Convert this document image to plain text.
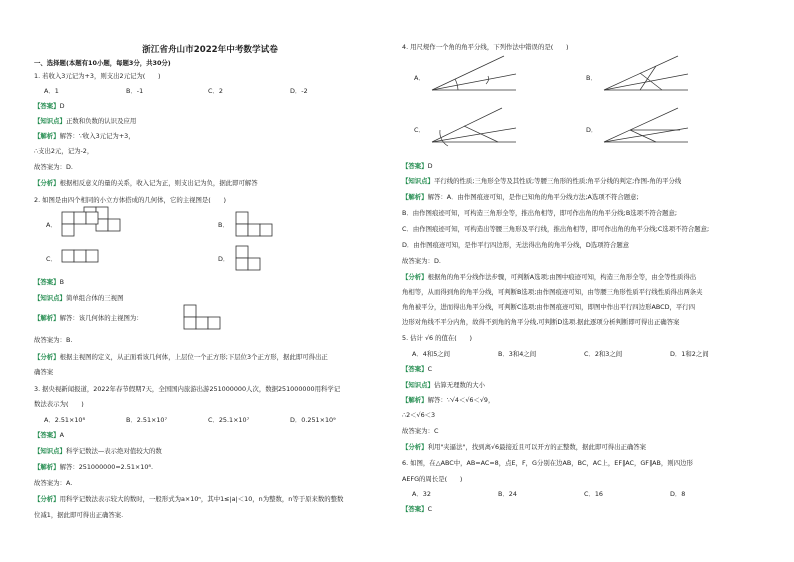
浙江省舟山市2022年中考数学试卷
一、选择题(本题有10小题，每题3分，共30分)
1. 若收入3元记为+3，则支出2元记为(　　)
A．1	B．-1	C．2	D．-2
【答案】D
【知识点】正数和负数的认识及应用
【解析】解答：∵收入3元记为+3，
∴支出2元，记为-2，
故答案为：D.
【分析】根据相反意义的量的关系，收入记为正，则支出记为负，据此即可解答
2. 如图是由四个相同的小立方体搭成的几何体，它的主视图是(　　)
A．	B．
C．	D．
【答案】B
【知识点】简单组合体的三视图
【解析】解答：该几何体的主视图为：
故答案为：B.
【分析】根据主视图的定义，从正面看该几何体，上层位一个正方形;下层位3个正方形，据此即可得出正
确答案
3. 据央视新闻报道，2022年春节假期7天，全国国内旅游出游251000000人次，数据251000000用科学记
数法表示为(　　)
A．2.51×10⁸	B．2.51×10⁷	C．25.1×10⁷	D．0.251×10⁹
【答案】A
【知识点】科学记数法—表示绝对值较大的数
【解析】解答：251000000=2.51×10⁸.
故答案为：A.
【分析】用科学记数法表示较大的数时，一般形式为a×10ⁿ，其中1≤|a|＜10，n为整数，n等于原来数的整数
位减1，据此即可得出正确答案.
4. 用尺规作一个角的角平分线，下列作法中错误的是(　　)
A．	B．
C．	D．
【答案】D
【知识点】平行线的性质;三角形全等及其性质;等腰三角形的性质;角平分线的判定;作图-角的平分线
【解析】解答：A．由作图痕迹可知，是作已知角的角平分线方法;A选项不符合题意;
B．由作图痕迹可知，可构造三角形全等，推出角相等，即可作出角的角平分线;B选项不符合题意;
C．由作图痕迹可知，可构造出等腰三角形及平行线，推出角相等，即可作出角的角平分线;C选项不符合题意;
D．由作图痕迹可知，是作平行四边形，无法得出角的角平分线，D选项符合题意
故答案为：D.
【分析】根据角的角平分线作法步骤，可判断A选项;由图中痕迹可知，构造三角形全等，由全等性质得出
角相等，从而得到角的角平分线，可判断B选项;由作图痕迹可知，由等腰三角形性质平行线性质得出两条夹
角角被平分，进而得出角平分线，可判断C选项;由作图痕迹可知，即图中作出平行四边形ABCD，平行四
边形对角线不平分内角，故得不到角的角平分线,可判断D选项.据此逐项分析判断即可得出正确答案
5. 估计 √6 的值在(　　)
A．4和5之间	B．3和4之间	C．2和3之间	D．1和2之间
【答案】C
【知识点】估算无理数的大小
【解析】解答：∵√4＜√6＜√9，
∴2＜√6＜3
故答案为：C
【分析】利用"夹逼法"，找到离√6最接近且可以开方的正整数，据此即可得出正确答案
6. 如图，在△ABC中，AB=AC=8，点E，F，G分别在边AB，BC，AC上，EF∥AC，GF∥AB，则四边形
AEFG的周长是(　　)
A．32	B．24	C．16	D．8
【答案】C
